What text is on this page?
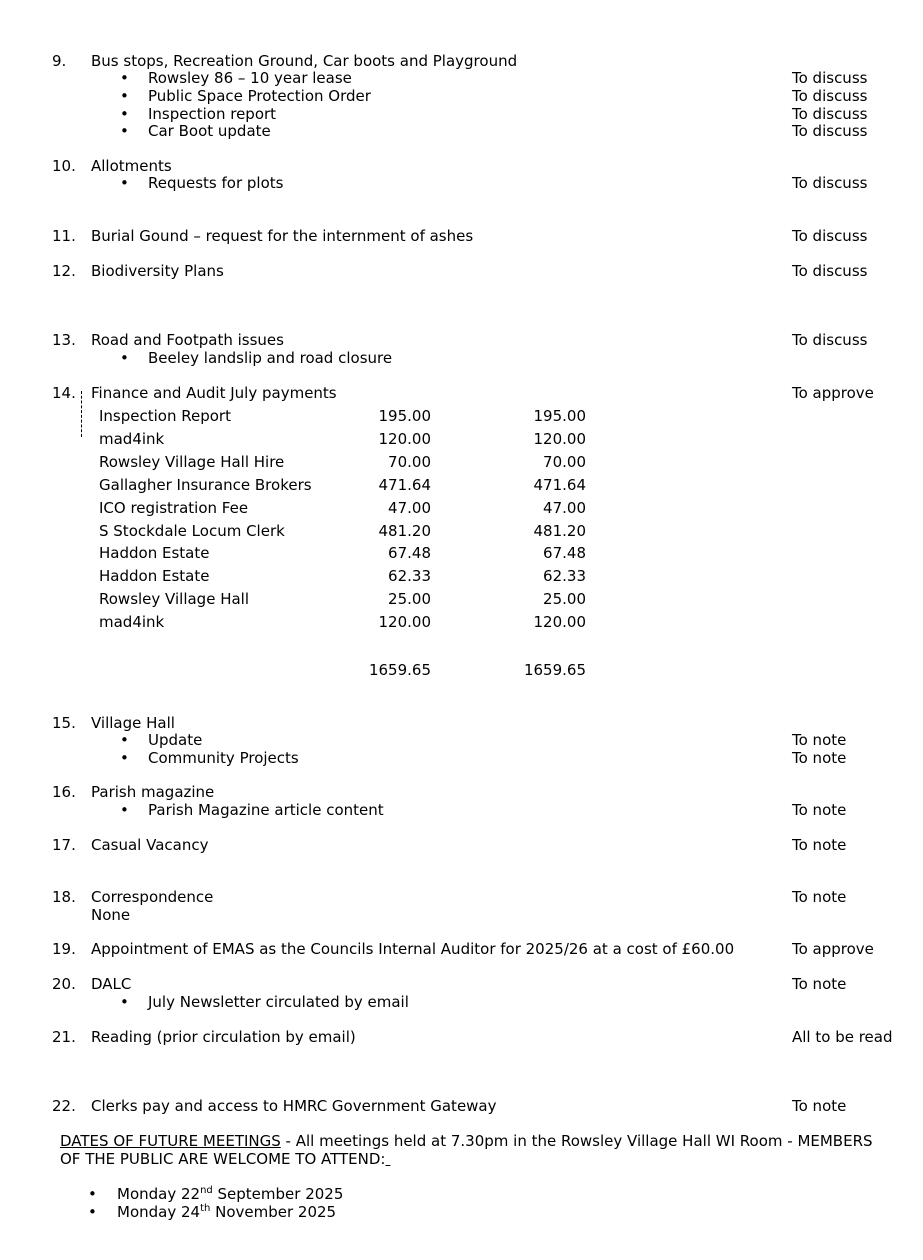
9. Bus stops, Recreation Ground, Car boots and Playground
• Rowsley 86 – 10 year lease	To discuss
• Public Space Protection Order	To discuss
• Inspection report	To discuss
• Car Boot update	To discuss
10. Allotments
• Requests for plots	To discuss
11. Burial Gound – request for the internment of ashes	To discuss
12. Biodiversity Plans	To discuss
13. Road and Footpath issues	To discuss
• Beeley landslip and road closure
14. Finance and Audit July payments	To approve
Inspection Report	195.00	195.00
mad4ink	120.00	120.00
Rowsley Village Hall Hire	70.00	70.00
Gallagher Insurance Brokers	471.64	471.64
ICO registration Fee	47.00	47.00
S Stockdale Locum Clerk	481.20	481.20
Haddon Estate	67.48	67.48
Haddon Estate	62.33	62.33
Rowsley Village Hall	25.00	25.00
mad4ink	120.00	120.00
1659.65	1659.65
15. Village Hall
• Update	To note
• Community Projects	To note
16. Parish magazine
• Parish Magazine article content	To note
17. Casual Vacancy	To note
18. Correspondence	To note
None
19. Appointment of EMAS as the Councils Internal Auditor for 2025/26 at a cost of £60.00	To approve
20. DALC	To note
• July Newsletter circulated by email
21. Reading (prior circulation by email)	All to be read
22. Clerks pay and access to HMRC Government Gateway	To note
DATES OF FUTURE MEETINGS - All meetings held at 7.30pm in the Rowsley Village Hall WI Room - MEMBERS
OF THE PUBLIC ARE WELCOME TO ATTEND:
• Monday 22nd September 2025
• Monday 24th November 2025
